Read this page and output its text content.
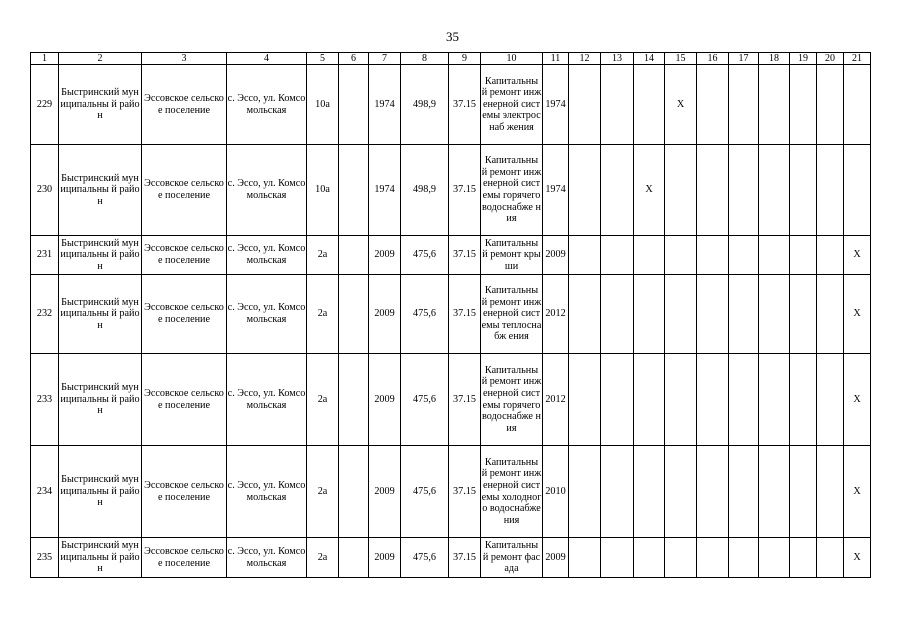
35
1	2	3	4	5	6	7	8	9	10	11	12	13	14	15	16	17	18	19	20	21
229	Быстринский муниципальны й район	Эссовское сельское поселение	с. Эссо, ул. Комсомольская	10а		1974	498,9	37.15	Капитальны й ремонт инженерной системы электроснаб жения	1974				X						
230	Быстринский муниципальны й район	Эссовское сельское поселение	с. Эссо, ул. Комсомольская	10а		1974	498,9	37.15	Капитальны й ремонт инженерной системы горячего водоснабже ния	1974			X							
231	Быстринский муниципальны й район	Эссовское сельское поселение	с. Эссо, ул. Комсомольская	2а		2009	475,6	37.15	Капитальны й ремонт крыши	2009										X
232	Быстринский муниципальны й район	Эссовское сельское поселение	с. Эссо, ул. Комсомольская	2а		2009	475,6	37.15	Капитальны й ремонт инженерной системы теплоснабж ения	2012										X
233	Быстринский муниципальны й район	Эссовское сельское поселение	с. Эссо, ул. Комсомольская	2а		2009	475,6	37.15	Капитальны й ремонт инженерной системы горячего водоснабже ния	2012										X
234	Быстринский муниципальны й район	Эссовское сельское поселение	с. Эссо, ул. Комсомольская	2а		2009	475,6	37.15	Капитальны й ремонт инженерной системы холодного водоснабже ния	2010										X
235	Быстринский муниципальны й район	Эссовское сельское поселение	с. Эссо, ул. Комсомольская	2а		2009	475,6	37.15	Капитальны й ремонт фасада	2009										X
